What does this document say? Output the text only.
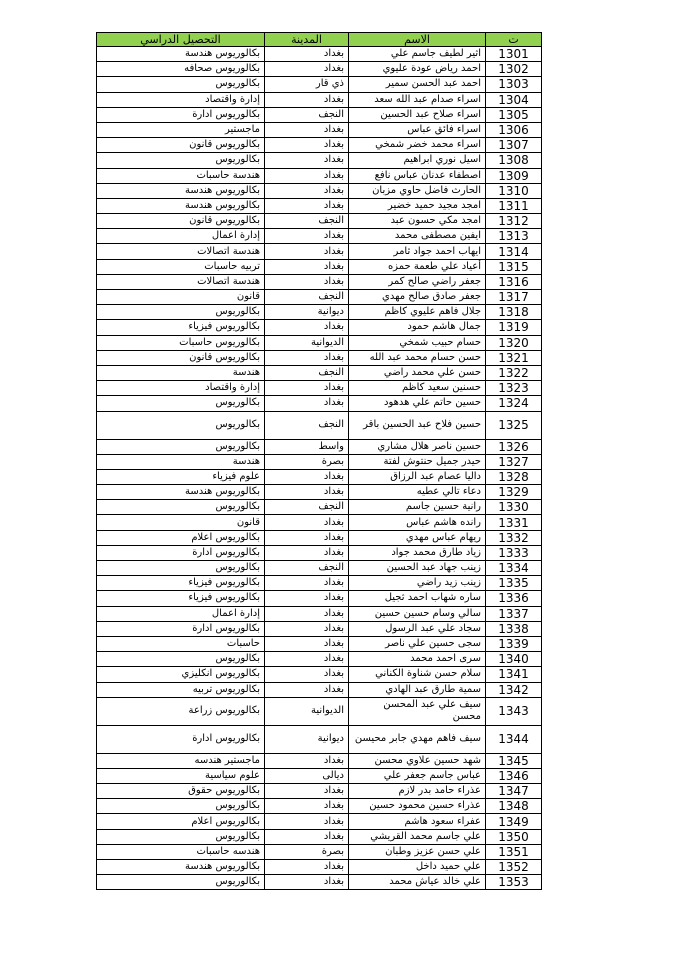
ت	الاسم	المدينة	التحصيل الدراسي
1301	اثير لطيف جاسم علي	بغداد	بكالوريوس هندسة
1302	احمد رياض عودة عليوي	بغداد	بكالوريوس صحافه
1303	احمد عبد الحسن سمير	ذي قار	بكالوريوس
1304	اسراء صدام عبد الله سعد	بغداد	إدارة واقتصاد
1305	اسراء صلاح عبد الحسين	النجف	بكالوريوس ادارة
1306	اسراء فائق عباس	بغداد	ماجستير
1307	اسراء محمد خضر شمخي	بغداد	بكالوريوس قانون
1308	اسيل نوري ابراهيم	بغداد	بكالوريوس
1309	اصطفاء عدنان عباس نافع	بغداد	هندسة حاسبات
1310	الحارث فاضل حاوي مزبان	بغداد	بكالوريوس هندسة
1311	امجد مجيد حميد خضير	بغداد	بكالوريوس هندسة
1312	امجد مكي حسون عبد	النجف	بكالوريوس قانون
1313	ايفين مصطفى محمد	بغداد	إدارة اعمال
1314	ايهاب احمد جواد ثامر	بغداد	هندسة اتصالات
1315	أعياد علي طعمة حمزه	بغداد	تربيه حاسبات
1316	جعفر راضي صالح كمر	بغداد	هندسة اتصالات
1317	جعفر صادق صالح مهدي	النجف	قانون
1318	جلال فاهم عليوي كاظم	ديوانية	بكالوريوس
1319	جمال هاشم حمود	بغداد	بكالوريوس فيزياء
1320	حسام حبيب شمخي	الديوانية	بكالوريوس حاسبات
1321	حسن حسام محمد عبد الله	بغداد	بكالوريوس قانون
1322	حسن علي محمد راضي	النجف	هندسة
1323	حسنين سعيد كاظم	بغداد	إدارة واقتصاد
1324	حسين حاتم علي هدهود	بغداد	بكالوريوس
1325	حسين فلاح عبد الحسين باقر	النجف	بكالوريوس
1326	حسين ناصر هلال مشاري	واسط	بكالوريوس
1327	حيدر جميل حنتوش لفتة	بصرة	هندسة
1328	داليا عصام عبد الرزاق	بغداد	علوم فيزياء
1329	دعاء تالي عطيه	بغداد	بكالوريوس هندسة
1330	رانية حسين جاسم	النجف	بكالوريوس
1331	رانده هاشم عباس	بغداد	قانون
1332	ريهام عباس مهدي	بغداد	بكالوريوس اعلام
1333	زياد طارق محمد جواد	بغداد	بكالوريوس ادارة
1334	زينب جهاد عبد الحسين	النجف	بكالوريوس
1335	زينب زيد راضي	بغداد	بكالوريوس فيزياء
1336	ساره شهاب احمد ثجيل	بغداد	بكالوريوس فيزياء
1337	سالي وسام حسين حسين	بغداد	إدارة اعمال
1338	سجاد علي عبد الرسول	بغداد	بكالوريوس ادارة
1339	سجى حسين علي ناصر	بغداد	حاسبات
1340	سرى احمد محمد	بغداد	بكالوريوس
1341	سلام حسن شناوة الكناني	بغداد	بكالوريوس انكليزي
1342	سمية طارق عبد الهادي	بغداد	بكالوريوس تربيه
1343	سيف علي عبد المحسن محسن	الديوانية	بكالوريوس زراعة
1344	سيف فاهم مهدي جابر محيسن	ديوانية	بكالوريوس ادارة
1345	شهد حسين علاوي محسن	بغداد	ماجستير هندسه
1346	عباس جاسم جعفر علي	ديالى	علوم سياسية
1347	عذراء حامد بدر لازم	بغداد	بكالوريوس حقوق
1348	عذراء حسين محمود حسين	بغداد	بكالوريوس
1349	عفراء سعود هاشم	بغداد	بكالوريوس اعلام
1350	علي جاسم محمد القريشي	بغداد	بكالوريوس
1351	علي حسن عزيز وطبان	بصرة	هندسه حاسبات
1352	علي حميد داخل	بغداد	بكالوريوس هندسة
1353	علي خالد عياش محمد	بغداد	بكالوريوس
